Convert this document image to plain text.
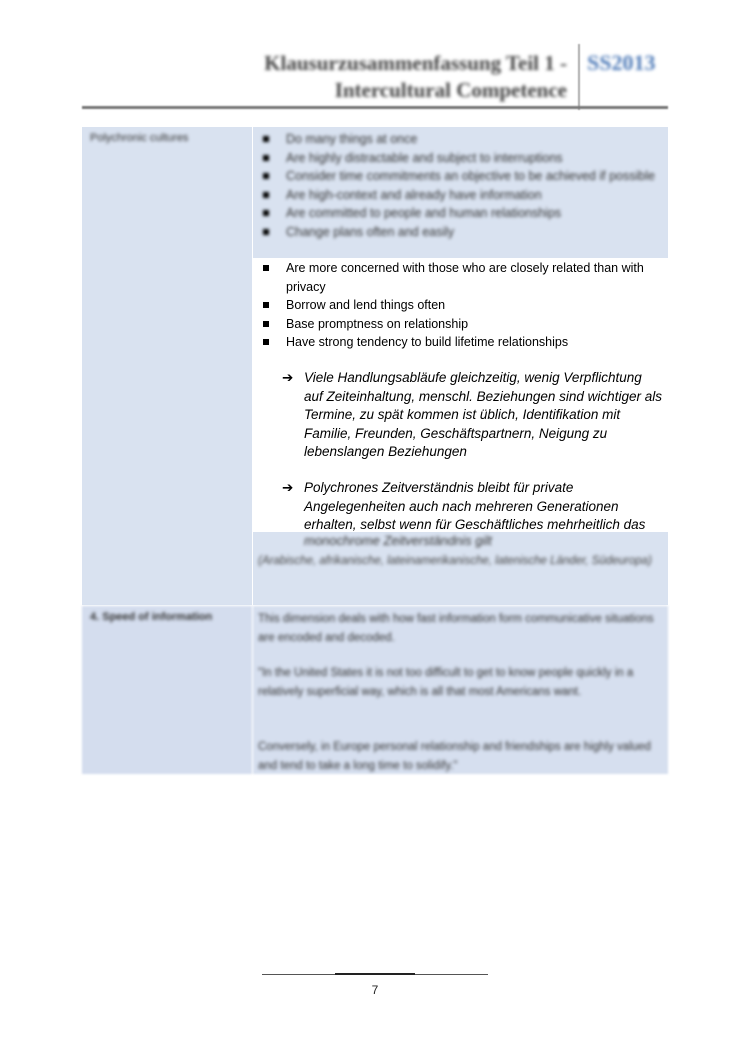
Klausurzusammenfassung Teil 1 -
Intercultural Competence
SS2013
Polychronic cultures	Do many things at once
Are highly distractable and subject to interruptions
Consider time commitments an objective to be achieved if possible
Are high-context and already have information
Are committed to people and human relationships
Change plans often and easily
Are more concerned with those who are closely related than with privacy
Borrow and lend things often
Base promptness on relationship
Have strong tendency to build lifetime relationships
➔ Viele Handlungsabläufe gleichzeitig, wenig Verpflichtung auf Zeiteinhaltung, menschl. Beziehungen sind wichtiger als Termine, zu spät kommen ist üblich, Identifikation mit Familie, Freunden, Geschäftspartnern, Neigung zu lebenslangen Beziehungen
➔ Polychrones Zeitverständnis bleibt für private Angelegenheiten auch nach mehreren Generationen erhalten, selbst wenn für Geschäftliches mehrheitlich das
monochrome Zeitverständnis gilt
(Arabische, afrikanische, lateinamerikanische, latenische Länder, Südeuropa)
4. Speed of information	This dimension deals with how fast information form communicative situations are encoded and decoded.
"In the United States it is not too difficult to get to know people quickly in a relatively superficial way, which is all that most Americans want.
Conversely, in Europe personal relationship and friendships are highly valued and tend to take a long time to solidify."
7
